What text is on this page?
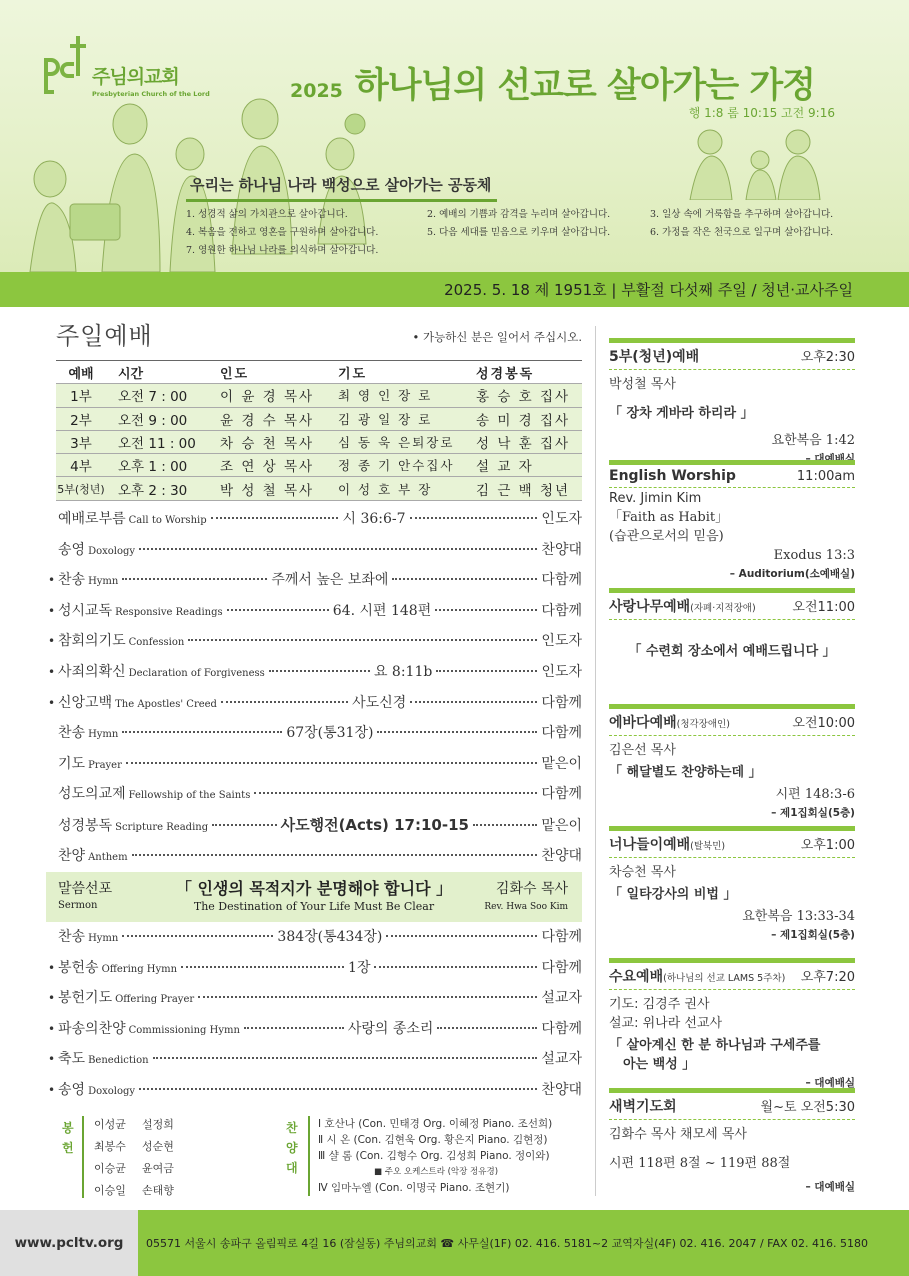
주님의교회
Presbyterian Church of the Lord	2025 하나님의 선교로 살아가는 가정
행 1:8 롬 10:15 고전 9:16
우리는 하나님 나라 백성으로 살아가는 공동체
1. 성경적 삶의 가치관으로 살아갑니다.	2. 예배의 기쁨과 감격을 누리며 살아갑니다.	3. 일상 속에 거룩함을 추구하며 살아갑니다.
4. 복음을 전하고 영혼을 구원하며 살아갑니다.	5. 다음 세대를 믿음으로 키우며 살아갑니다.	6. 가정을 작은 천국으로 일구며 살아갑니다.
7. 영원한 하나님 나라를 의식하며 살아갑니다.
2025. 5. 18 제 1951호 | 부활절 다섯째 주일 / 청년·교사주일
주일예배	• 가능하신 분은 일어서 주십시오.
예배	시간	인도	기도	성경봉독
1부	오전 7 : 00	이 윤 경 목사	최 영 인 장 로	홍 승 호 집사
2부	오전 9 : 00	윤 경 수 목사	김 광 일 장 로	송 미 경 집사
3부	오전 11 : 00	차 승 천 목사	심 동 욱 은퇴장로	성 낙 훈 집사
4부	오후 1 : 00	조 연 상 목사	정 종 기 안수집사	설 교 자
5부(청년) 오후 2 : 30	박 성 철 목사	이 성 호 부 장	김 근 백 청년
예배로부름 Call to Worship	시 36:6-7	인도자
송영 Doxology	찬양대
• 찬송 Hymn	주께서 높은 보좌에	다함께
• 성시교독 Responsive Readings	64. 시편 148편	다함께
• 참회의기도 Confession	인도자
• 사죄의확신 Declaration of Forgiveness	요 8:11b	인도자
• 신앙고백 The Apostles' Creed	사도신경	다함께
찬송 Hymn	67장(통31장)	다함께
기도 Prayer	맡은이
성도의교제 Fellowship of the Saints	다함께
성경봉독 Scripture Reading	사도행전(Acts) 17:10-15	맡은이
찬양 Anthem	찬양대
말씀선포
Sermon
「 인생의 목적지가 분명해야 합니다 」
The Destination of Your Life Must Be Clear
김화수 목사
Rev. Hwa Soo Kim
찬송 Hymn	384장(통434장)	다함께
• 봉헌송 Offering Hymn	1장	다함께
• 봉헌기도 Offering Prayer	설교자
• 파송의찬양 Commissioning Hymn	사랑의 종소리	다함께
• 축도 Benediction	설교자
• 송영 Doxology	찬양대
봉
헌
이성균	설정희
최봉수	성순현
이승균	윤여금
이승일	손태향
찬
양
대
Ⅰ 호산나 (Con. 민태경 Org. 이혜정 Piano. 조선희)
Ⅱ 시 온 (Con. 김현욱 Org. 황은지 Piano. 김현정)
Ⅲ 샬 롬 (Con. 김형수 Org. 김성희 Piano. 정이와)
■ 주오 오케스트라 (악장 정유경)
Ⅳ 임마누엘 (Con. 이명국 Piano. 조현기)
5부(청년)예배	오후2:30
박성철 목사
「 장차 게바라 하리라 」
요한복음 1:42
– 대예배실
English Worship	11:00am
Rev. Jimin Kim
「Faith as Habit」
(습관으로서의 믿음)
Exodus 13:3
– Auditorium(소예배실)
사랑나무예배(자폐·지적장애)	오전11:00
「 수련회 장소에서 예배드립니다 」
에바다예배(청각장애인)	오전10:00
김은선 목사
「 해달별도 찬양하는데 」
시편 148:3-6
– 제1집회실(5층)
너나들이예배(탈북민)	오후1:00
차승천 목사
「 일타강사의 비법 」
요한복음 13:33-34
– 제1집회실(5층)
수요예배(하나님의 선교 LAMS 5주차) 오후7:20
기도: 김경주 권사
설교: 위나라 선교사
「 살아계신 한 분 하나님과 구세주를
아는 백성 」
– 대예배실
새벽기도회	월~토 오전5:30
김화수 목사 채모세 목사
시편 118편 8절 ~ 119편 88절
– 대예배실
www.pcltv.org	05571 서울시 송파구 올림픽로 4길 16 (잠실동) 주님의교회 ☎ 사무실(1F) 02. 416. 5181~2 교역자실(4F) 02. 416. 2047 / FAX 02. 416. 5180
